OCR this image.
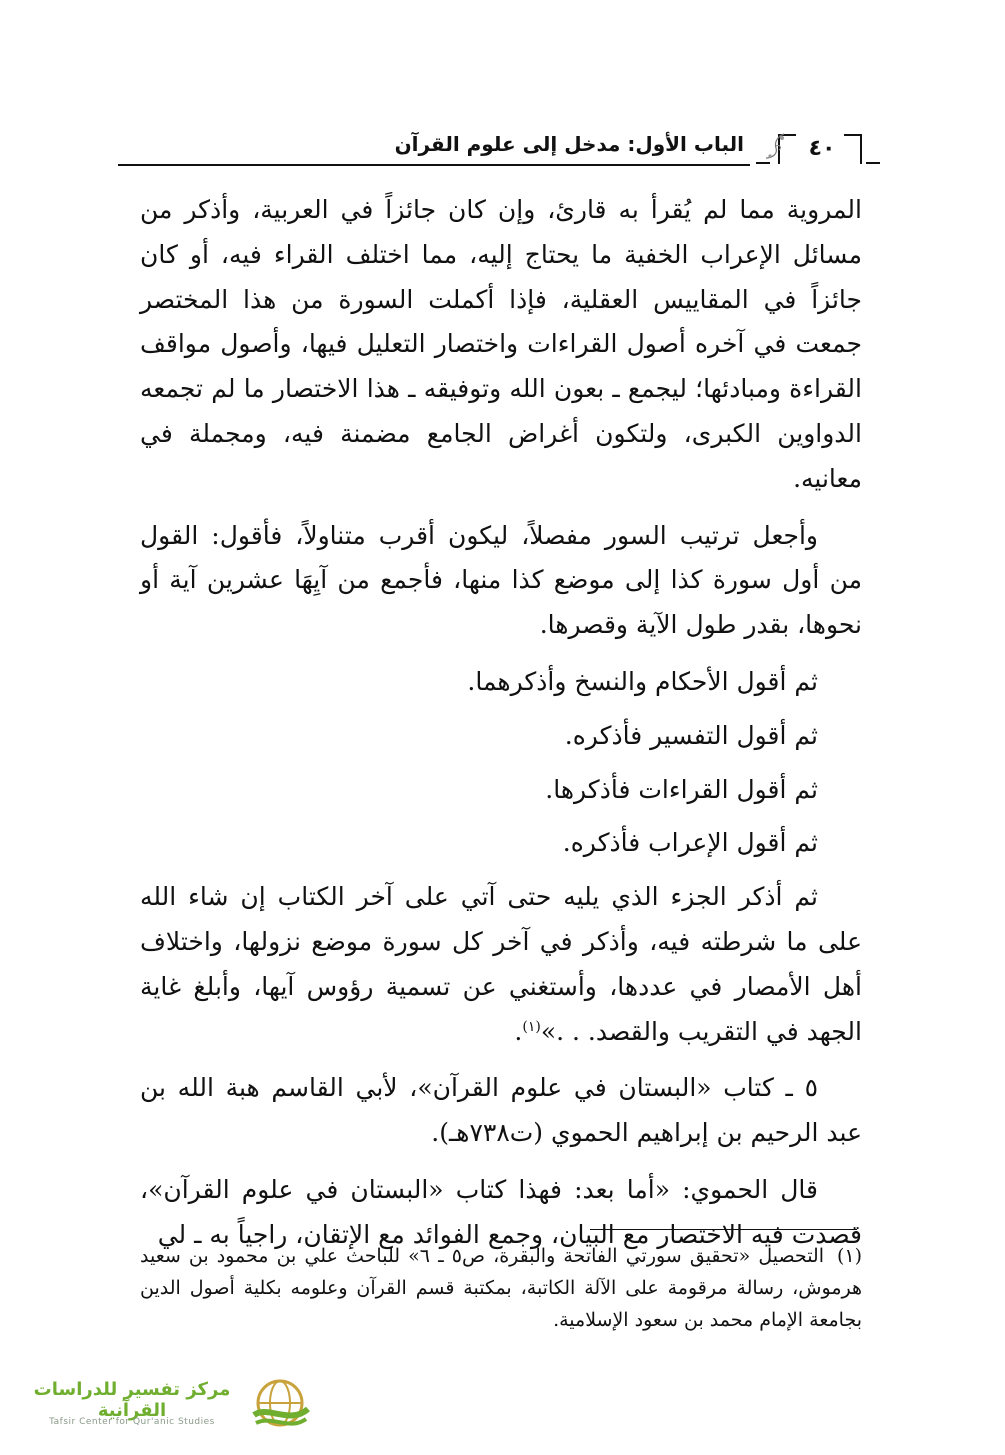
الباب الأول: مدخل إلى علوم القرآن	٤٠

المروية مما لم يُقرأ به قارئ، وإن كان جائزاً في العربية، وأذكر من مسائل الإعراب الخفية ما يحتاج إليه، مما اختلف القراء فيه، أو كان جائزاً في المقاييس العقلية، فإذا أكملت السورة من هذا المختصر جمعت في آخره أصول القراءات واختصار التعليل فيها، وأصول مواقف القراءة ومبادئها؛ ليجمع ـ بعون الله وتوفيقه ـ هذا الاختصار ما لم تجمعه الدواوين الكبرى، ولتكون أغراض الجامع مضمنة فيه، ومجملة في معانيه.

وأجعل ترتيب السور مفصلاً، ليكون أقرب متناولاً، فأقول: القول من أول سورة كذا إلى موضع كذا منها، فأجمع من آيِهَا عشرين آية أو نحوها، بقدر طول الآية وقصرها.

ثم أقول الأحكام والنسخ وأذكرهما.

ثم أقول التفسير فأذكره.

ثم أقول القراءات فأذكرها.

ثم أقول الإعراب فأذكره.

ثم أذكر الجزء الذي يليه حتى آتي على آخر الكتاب إن شاء الله على ما شرطته فيه، وأذكر في آخر كل سورة موضع نزولها، واختلاف أهل الأمصار في عددها، وأستغني عن تسمية رؤوس آيها، وأبلغ غاية الجهد في التقريب والقصد. . .»$^{(١)}$.

٥ ـ كتاب «البستان في علوم القرآن»، لأبي القاسم هبة الله بن عبد الرحيم بن إبراهيم الحموي (ت٧٣٨هـ).

قال الحموي: «أما بعد: فهذا كتاب «البستان في علوم القرآن»، قصدت فيه الاختصار مع البيان، وجمع الفوائد مع الإتقان، راجياً به ـ لي

(١)التحصيل «تحقيق سورتي الفاتحة والبقرة، ص٥ ـ ٦» للباحث علي بن محمود بن سعيد هرموش، رسالة مرقومة على الآلة الكاتبة، بمكتبة قسم القرآن وعلومه بكلية أصول الدين بجامعة الإمام محمد بن سعود الإسلامية.

مركز تفسير للدراسات القرآنية
Tafsir Center for Qur'anic Studies
